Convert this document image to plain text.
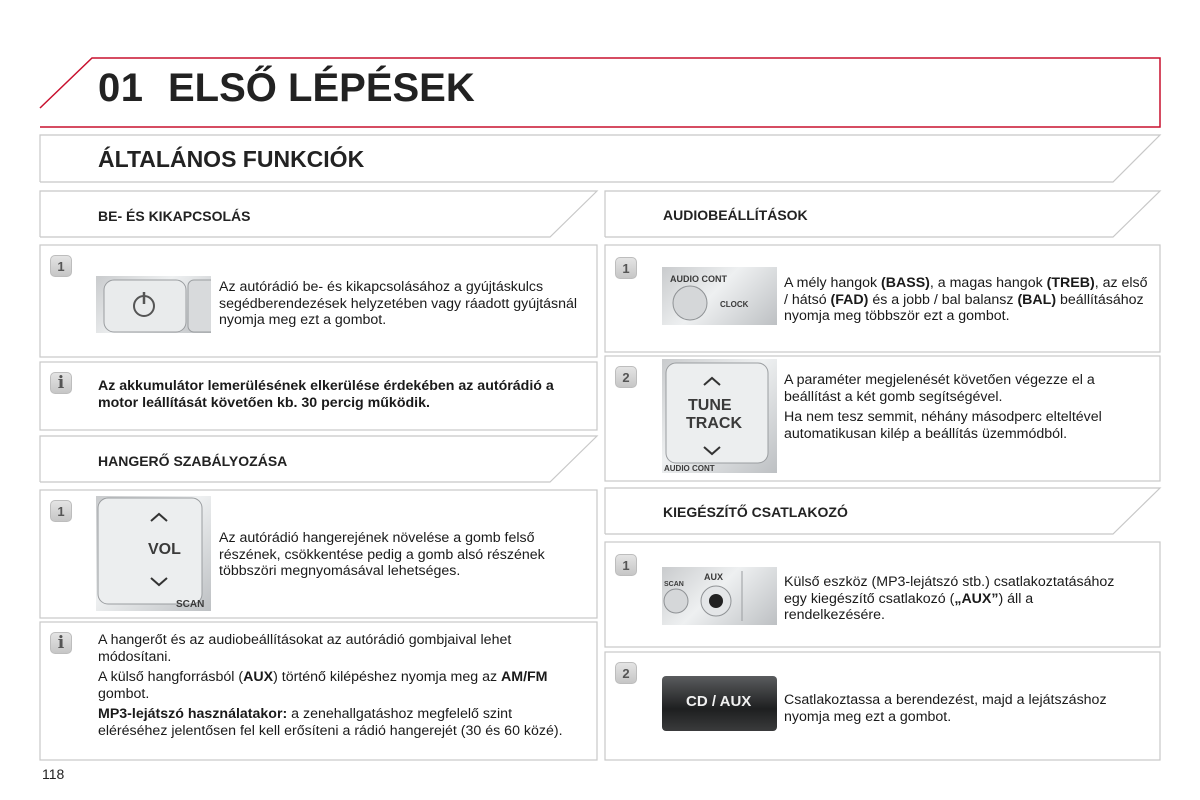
01 ELSŐ LÉPÉSEK
ÁLTALÁNOS FUNKCIÓK
BE- ÉS KIKAPCSOLÁS
1
Az autórádió be- és kikapcsolásához a gyújtáskulcs segédberendezések helyzetében vagy ráadott gyújtásnál nyomja meg ezt a gombot.
i	Az akkumulátor lemerülésének elkerülése érdekében az autórádió a motor leállítását követően kb. 30 percig működik.
HANGERŐ SZABÁLYOZÁSA
1
VOL
SCAN
Az autórádió hangerejének növelése a gomb felső részének, csökkentése pedig a gomb alsó részének többszöri megnyomásával lehetséges.
i	A hangerőt és az audiobeállításokat az autórádió gombjaival lehet módosítani.

A külső hangforrásból (AUX) történő kilépéshez nyomja meg az AM/FM gombot.

MP3-lejátszó használatakor: a zenehallgatáshoz megfelelő szint eléréséhez jelentősen fel kell erősíteni a rádió hangerejét (30 és 60 közé).

AUDIOBEÁLLÍTÁSOK
1
AUDIO CONT
CLOCK
A mély hangok (BASS), a magas hangok (TREB), az első / hátsó (FAD) és a jobb / bal balansz (BAL) beállításához nyomja meg többször ezt a gombot.
2
TUNE
TRACK
AUDIO CONT

A paraméter megjelenését követően végezze el a beállítást a két gomb segítségével.

Ha nem tesz semmit, néhány másodperc elteltével automatikusan kilép a beállítás üzemmódból.

KIEGÉSZÍTŐ CSATLAKOZÓ
1
AUX
SCAN	Külső eszköz (MP3-lejátszó stb.) csatlakoztatásához egy kiegészítő csatlakozó („AUX”) áll a rendelkezésére.
2
CD / AUX Csatlakoztassa a berendezést, majd a lejátszáshoz nyomja meg ezt a gombot.
118
